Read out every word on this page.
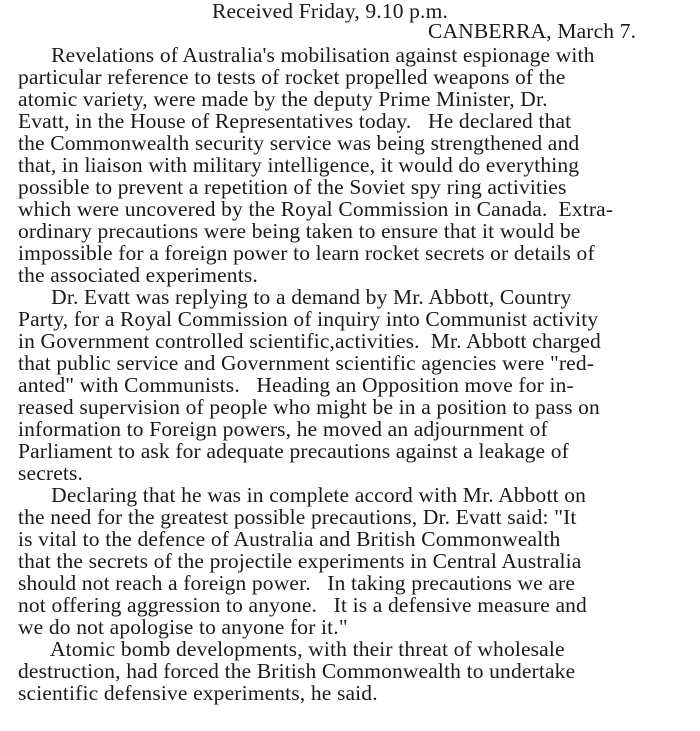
Received Friday, 9.10 p.m.
CANBERRA, March 7.
Revelations of Australia's mobilisation against espionage with
particular reference to tests of rocket propelled weapons of the
atomic variety, were made by the deputy Prime Minister, Dr.
Evatt, in the House of Representatives today.   He declared that
the Commonwealth security service was being strengthened and
that, in liaison with military intelligence, it would do everything
possible to prevent a repetition of the Soviet spy ring activities
which were uncovered by the Royal Commission in Canada.  Extra-
ordinary precautions were being taken to ensure that it would be
impossible for a foreign power to learn rocket secrets or details of
the associated experiments.
Dr. Evatt was replying to a demand by Mr. Abbott, Country
Party, for a Royal Commission of inquiry into Communist activity
in Government controlled scientific,activities.  Mr. Abbott charged
that public service and Government scientific agencies were "red-
anted" with Communists.   Heading an Opposition move for in-
reased supervision of people who might be in a position to pass on
information to Foreign powers, he moved an adjournment of
Parliament to ask for adequate precautions against a leakage of
secrets.
Declaring that he was in complete accord with Mr. Abbott on
the need for the greatest possible precautions, Dr. Evatt said: "It
is vital to the defence of Australia and British Commonwealth
that the secrets of the projectile experiments in Central Australia
should not reach a foreign power.   In taking precautions we are
not offering aggression to anyone.   It is a defensive measure and
we do not apologise to anyone for it."
Atomic bomb developments, with their threat of wholesale
destruction, had forced the British Commonwealth to undertake
scientific defensive experiments, he said.
